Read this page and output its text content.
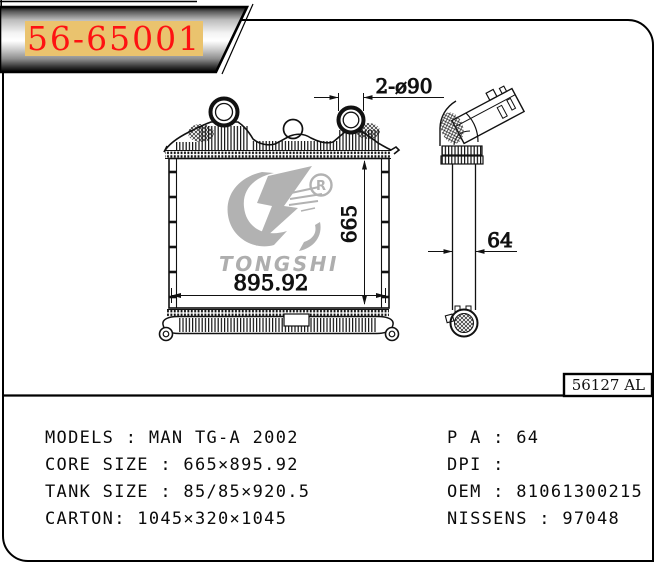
56-65001
R
TONGSHI
2-ø90
665
895.92
64
56127 AL
MODELS : MAN TG-A 2002
CORE SIZE : 665×895.92
TANK SIZE : 85/85×920.5
CARTON: 1045×320×1045
P A : 64
DPI :
OEM : 81061300215
NISSENS : 97048
